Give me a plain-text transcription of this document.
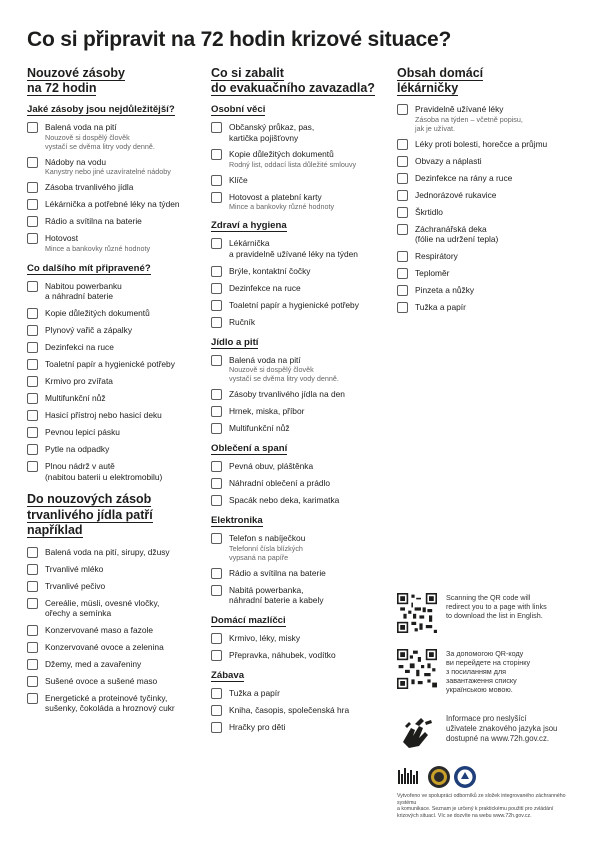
Co si připravit na 72 hodin krizové situace?
Nouzové zásoby
na 72 hodin
Jaké zásoby jsou nejdůležitější?
Balená voda na pití
Nouzově si dospělý člověk
vystačí se dvěma litry vody denně.
Nádoby na vodu
Kanystry nebo jiné uzavíratelné nádoby
Zásoba trvanlivého jídla
Lékárnička a potřebné léky na týden
Rádio a svítilna na baterie
Hotovost
Mince a bankovky různé hodnoty
Co dalšího mít připravené?
Nabitou powerbanku
a náhradní baterie
Kopie důležitých dokumentů
Plynový vařič a zápalky
Dezinfekci na ruce
Toaletní papír a hygienické potřeby
Krmivo pro zvířata
Multifunkční nůž
Hasicí přístroj nebo hasicí deku
Pevnou lepicí pásku
Pytle na odpadky
Plnou nádrž v autě
(nabitou baterii u elektromobilu)
Do nouzových zásob
trvanlivého jídla patří
například
Balená voda na pití, sirupy, džusy
Trvanlivé mléko
Trvanlivé pečivo
Cereálie, müsli, ovesné vločky,
ořechy a semínka
Konzervované maso a fazole
Konzervované ovoce a zelenina
Džemy, med a zavařeniny
Sušené ovoce a sušené maso
Energetické a proteinové tyčinky,
sušenky, čokoláda a hroznový cukr
Co si zabalit
do evakuačního zavazadla?
Osobní věci
Občanský průkaz, pas,
kartička pojišťovny
Kopie důležitých dokumentů
Rodný list, oddací lista důležité smlouvy
Klíče
Hotovost a platební karty
Mince a bankovky různé hodnoty
Zdraví a hygiena
Lékárnička
a pravidelně užívané léky na týden
Brýle, kontaktní čočky
Dezinfekce na ruce
Toaletní papír a hygienické potřeby
Ručník
Jídlo a pití
Balená voda na pití
Nouzově si dospělý člověk
vystačí se dvěma litry vody denně.
Zásoby trvanlivého jídla na den
Hrnek, miska, příbor
Multifunkční nůž
Oblečení a spaní
Pevná obuv, pláštěnka
Náhradní oblečení a prádlo
Spacák nebo deka, karimatka
Elektronika
Telefon s nabíječkou
Telefonní čísla blízkých
vypsaná na papíře
Rádio a svítilna na baterie
Nabitá powerbanka,
náhradní baterie a kabely
Domácí mazlíčci
Krmivo, léky, misky
Přepravka, náhubek, vodítko
Zábava
Tužka a papír
Kniha, časopis, společenská hra
Hračky pro děti
Obsah domácí
lékárničky
Pravidelně užívané léky
Zásoba na týden – včetně popisu,
jak je užívat.
Léky proti bolesti, horečce a průjmu
Obvazy a náplasti
Dezinfekce na rány a ruce
Jednorázové rukavice
Škrtidlo
Záchranářská deka
(fólie na udržení tepla)
Respirátory
Teploměr
Pinzeta a nůžky
Tužka a papír
Scanning the QR code will
redirect you to a page with links
to download the list in English.
За допомогою QR-коду
ви перейдете на сторінку
з посиланням для
завантаження списку
українською мовою.
Informace pro neslyšící
uživatele znakového jazyka jsou
dostupné na www.72h.gov.cz.
Vytvořeno ve spolupráci odborníků ze složek integrovaného záchranného systému
a komunikace. Seznam je určený k praktickému použití pro zvládání
krizových situací. Víc se dozvíte na webu www.72h.gov.cz.
